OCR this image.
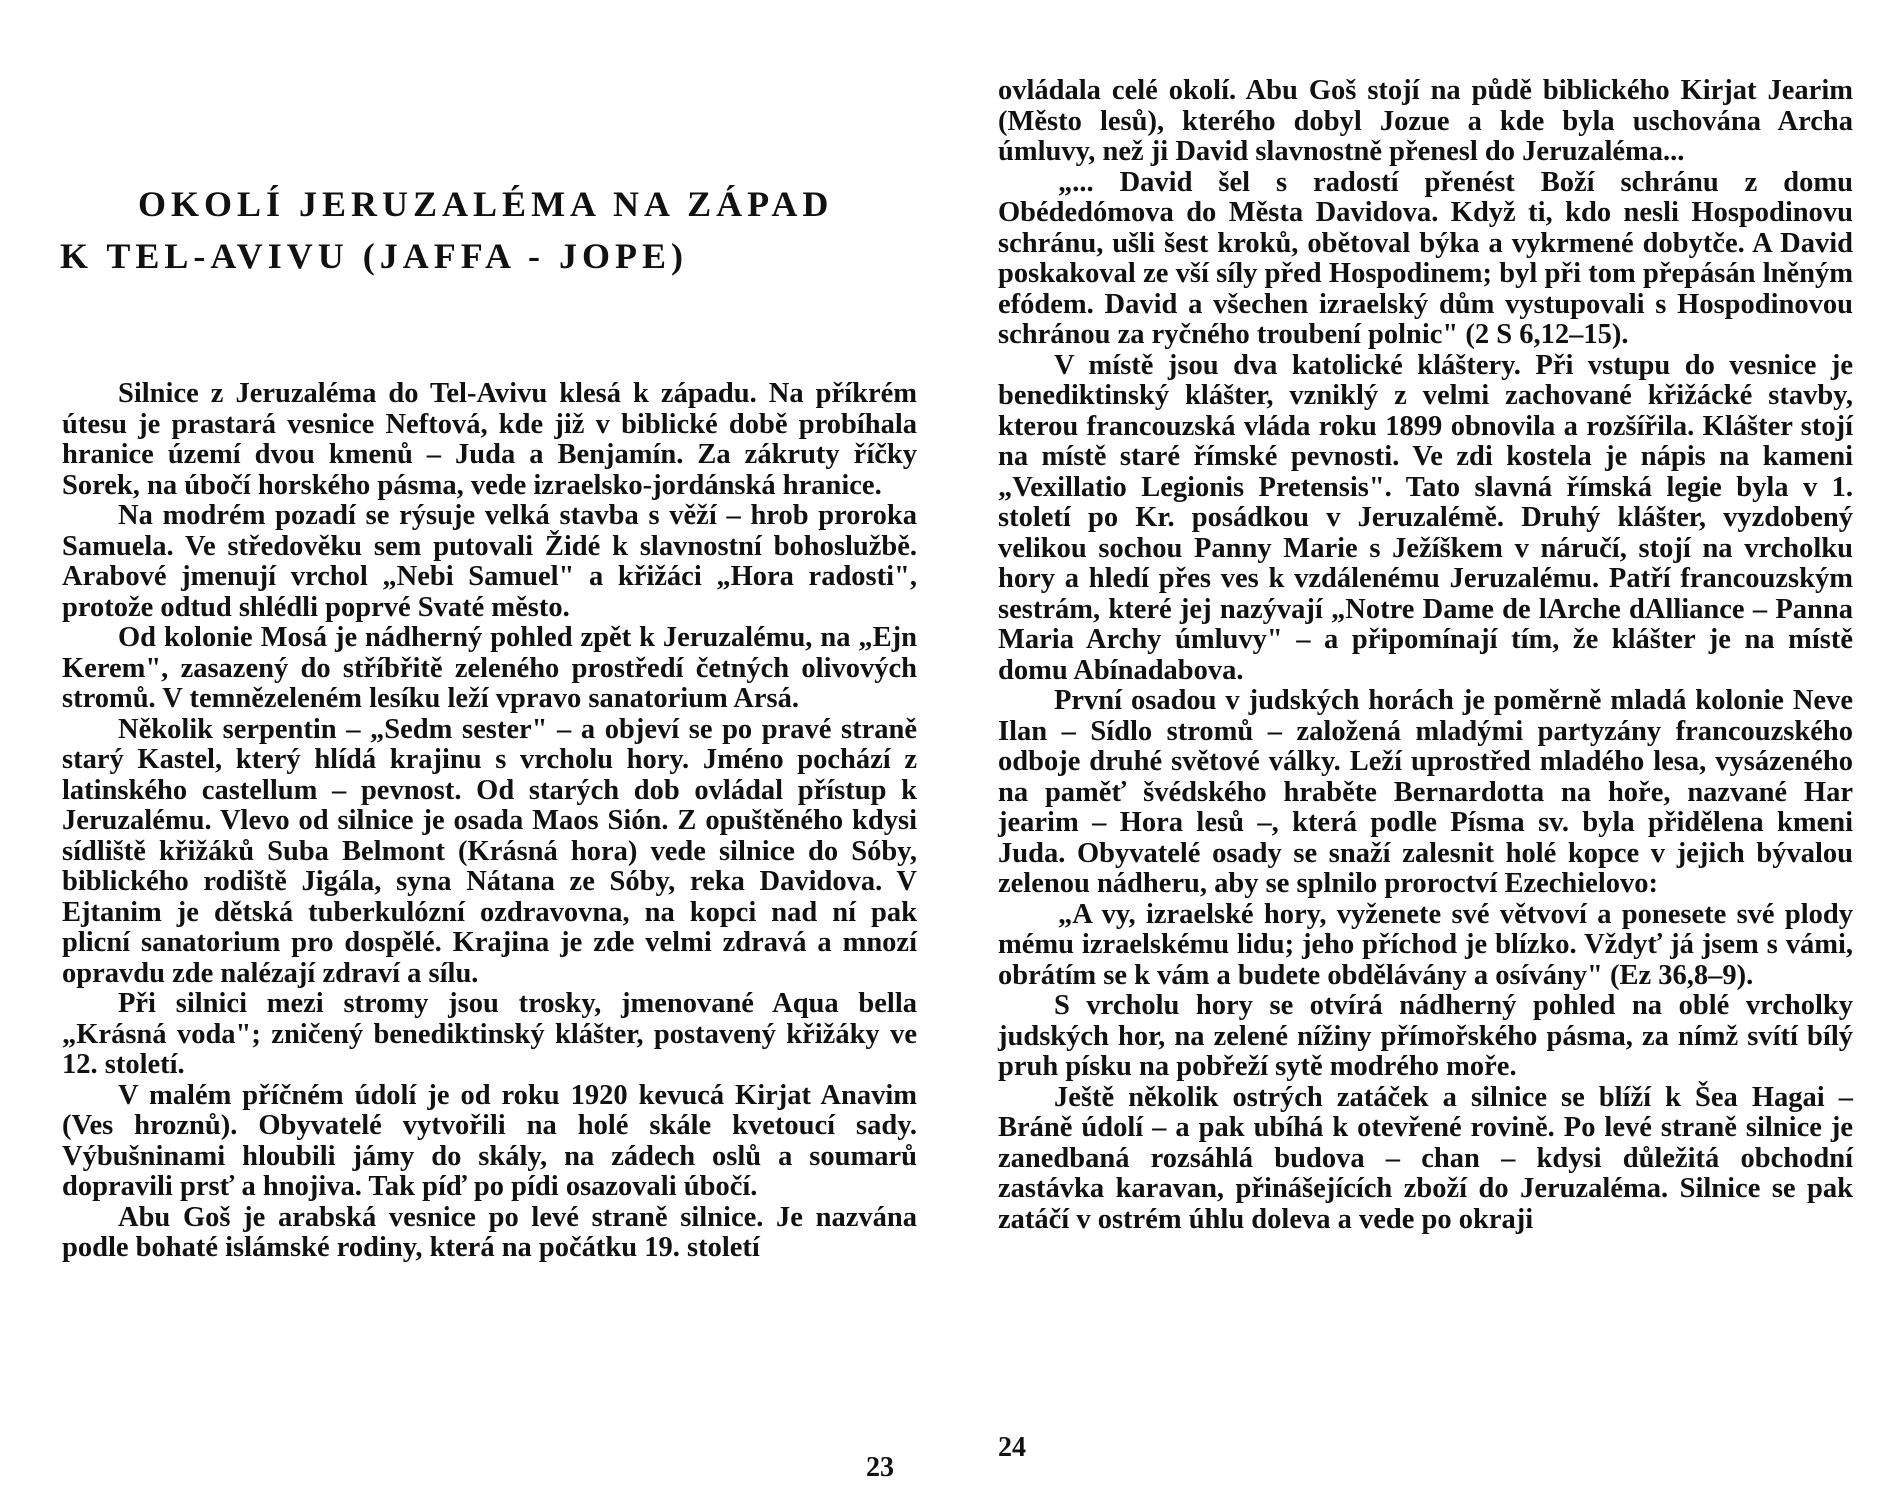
OKOLÍ JERUZALÉMA NA ZÁPAD
K TEL-AVIVU (JAFFA - JOPE)

Silnice z Jeruzaléma do Tel-Avivu klesá k západu. Na příkrém útesu je prastará vesnice Neftová, kde již v biblické době probíhala hranice území dvou kmenů – Juda a Benjamín. Za zákruty říčky Sorek, na úbočí horského pásma, vede izraelsko-jordánská hranice.

Na modrém pozadí se rýsuje velká stavba s věží – hrob proroka Samuela. Ve středověku sem putovali Židé k slavnostní bohoslužbě. Arabové jmenují vrchol „Nebi Samuel" a křižáci „Hora radosti", protože odtud shlédli poprvé Svaté město.

Od kolonie Mosá je nádherný pohled zpět k Jeruzalému, na „Ejn Kerem", zasazený do stříbřitě zeleného prostředí četných olivových stromů. V temnězeleném lesíku leží vpravo sanatorium Arsá.

Několik serpentin – „Sedm sester" – a objeví se po pravé straně starý Kastel, který hlídá krajinu s vrcholu hory. Jméno pochází z latinského castellum – pevnost. Od starých dob ovládal přístup k Jeruzalému. Vlevo od silnice je osada Maos Sión. Z opuštěného kdysi sídliště křižáků Suba Belmont (Krásná hora) vede silnice do Sóby, biblického rodiště Jigála, syna Nátana ze Sóby, reka Davidova. V Ejtanim je dětská tuberkulózní ozdravovna, na kopci nad ní pak plicní sanatorium pro dospělé. Krajina je zde velmi zdravá a mnozí opravdu zde nalézají zdraví a sílu.

Při silnici mezi stromy jsou trosky, jmenované Aqua bella „Krásná voda"; zničený benediktinský klášter, postavený křižáky ve 12. století.

V malém příčném údolí je od roku 1920 kevucá Kirjat Anavim (Ves hroznů). Obyvatelé vytvořili na holé skále kvetoucí sady. Výbušninami hloubili jámy do skály, na zádech oslů a soumarů dopravili prsť a hnojiva. Tak píď po pídi osazovali úbočí.

Abu Goš je arabská vesnice po levé straně silnice. Je nazvána podle bohaté islámské rodiny, která na počátku 19. století

23

ovládala celé okolí. Abu Goš stojí na půdě biblického Kirjat Jearim (Město lesů), kterého dobyl Jozue a kde byla uschována Archa úmluvy, než ji David slavnostně přenesl do Jeruzaléma...

„... David šel s radostí přenést Boží schránu z domu Obédedómova do Města Davidova. Když ti, kdo nesli Hospodinovu schránu, ušli šest kroků, obětoval býka a vykrmené dobytče. A David poskakoval ze vší síly před Hospodinem; byl při tom přepásán lněným efódem. David a všechen izraelský dům vystupovali s Hospodinovou schránou za ryčného troubení polnic" (2 S 6,12–15).

V místě jsou dva katolické kláštery. Při vstupu do vesnice je benediktinský klášter, vzniklý z velmi zachované křižácké stavby, kterou francouzská vláda roku 1899 obnovila a rozšířila. Klášter stojí na místě staré římské pevnosti. Ve zdi kostela je nápis na kameni „Vexillatio Legionis Pretensis". Tato slavná římská legie byla v 1. století po Kr. posádkou v Jeruzalémě. Druhý klášter, vyzdobený velikou sochou Panny Marie s Ježíškem v náručí, stojí na vrcholku hory a hledí přes ves k vzdálenému Jeruzalému. Patří francouzským sestrám, které jej nazývají „Notre Dame de lArche dAlliance – Panna Maria Archy úmluvy" – a připomínají tím, že klášter je na místě domu Abínadabova.

První osadou v judských horách je poměrně mladá kolonie Neve Ilan – Sídlo stromů – založená mladými partyzány francouzského odboje druhé světové války. Leží uprostřed mladého lesa, vysázeného na paměť švédského hraběte Bernardotta na hoře, nazvané Har jearim – Hora lesů –, která podle Písma sv. byla přidělena kmeni Juda. Obyvatelé osady se snaží zalesnit holé kopce v jejich bývalou zelenou nádheru, aby se splnilo proroctví Ezechielovo:

„A vy, izraelské hory, vyženete své větvoví a ponesete své plody mému izraelskému lidu; jeho příchod je blízko. Vždyť já jsem s vámi, obrátím se k vám a budete obdělávány a osívány" (Ez 36,8–9).

S vrcholu hory se otvírá nádherný pohled na oblé vrcholky judských hor, na zelené nížiny přímořského pásma, za nímž svítí bílý pruh písku na pobřeží sytě modrého moře.

Ještě několik ostrých zatáček a silnice se blíží k Šea Hagai – Bráně údolí – a pak ubíhá k otevřené rovině. Po levé straně silnice je zanedbaná rozsáhlá budova – chan – kdysi důležitá obchodní zastávka karavan, přinášejících zboží do Jeruzaléma. Silnice se pak zatáčí v ostrém úhlu doleva a vede po okraji

24
